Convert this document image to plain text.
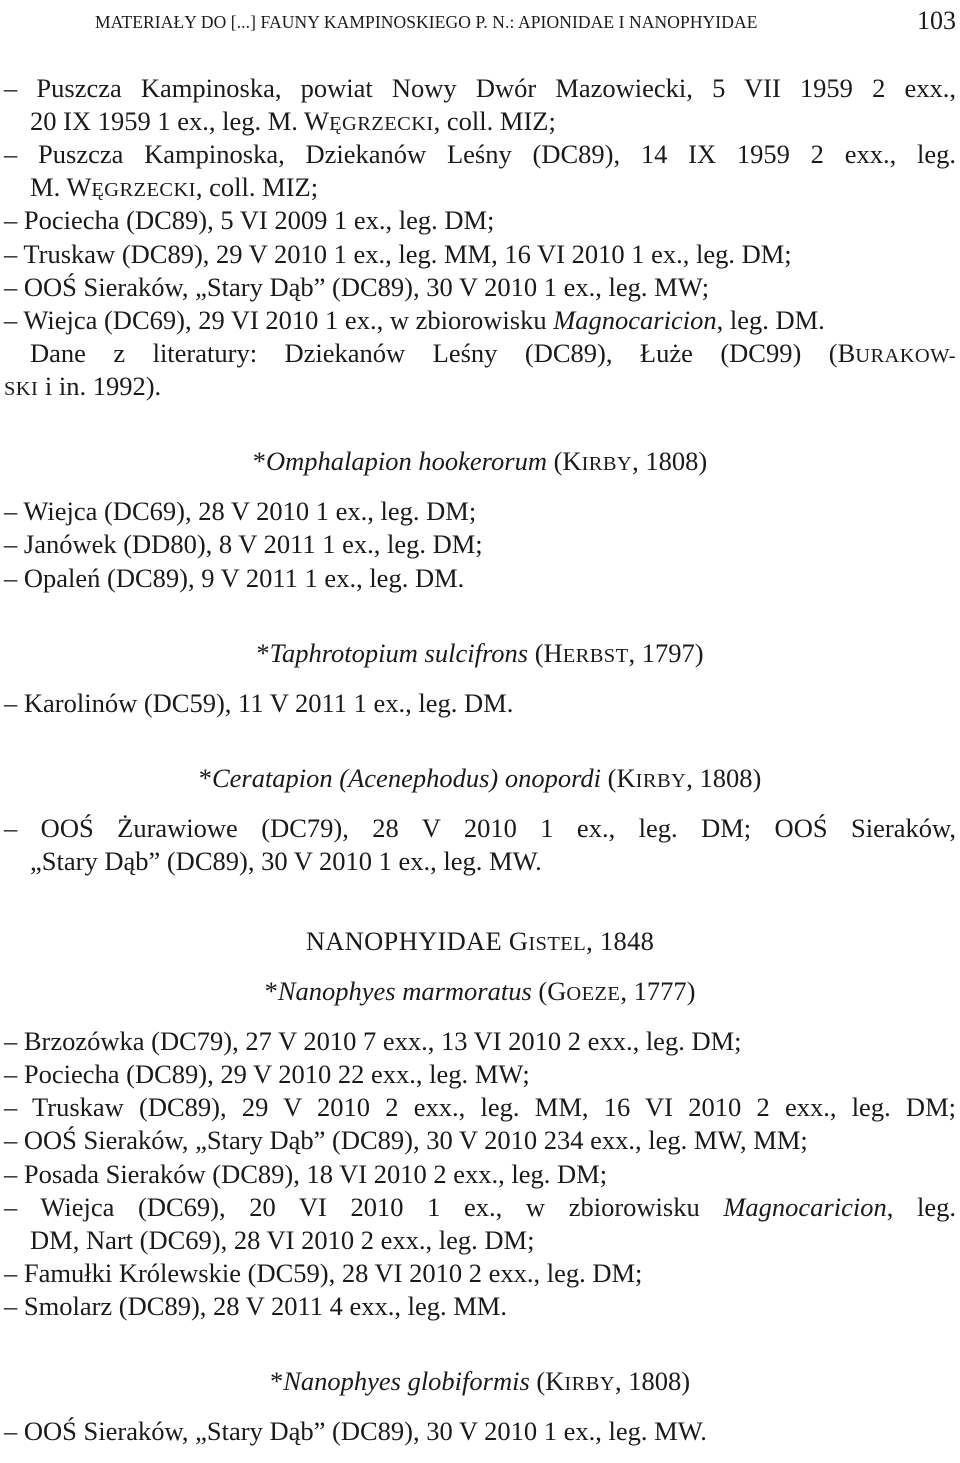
MATERIAŁY DO [...] FAUNY KAMPINOSKIEGO P. N.: APIONIDAE I NANOPHYIDAE	103
– Puszcza Kampinoska, powiat Nowy Dwór Mazowiecki, 5 VII 1959 2 exx.,
20 IX 1959 1 ex., leg. M. WĘGRZECKI, coll. MIZ;
– Puszcza Kampinoska, Dziekanów Leśny (DC89), 14 IX 1959 2 exx., leg.
M. WĘGRZECKI, coll. MIZ;
– Pociecha (DC89), 5 VI 2009 1 ex., leg. DM;
– Truskaw (DC89), 29 V 2010 1 ex., leg. MM, 16 VI 2010 1 ex., leg. DM;
– OOŚ Sieraków, „Stary Dąb” (DC89), 30 V 2010 1 ex., leg. MW;
– Wiejca (DC69), 29 VI 2010 1 ex., w zbiorowisku Magnocaricion, leg. DM.
Dane z literatury: Dziekanów Leśny (DC89), Łuże (DC99) (BURAKOW-
SKI i in. 1992).
*Omphalapion hookerorum (KIRBY, 1808)
– Wiejca (DC69), 28 V 2010 1 ex., leg. DM;
– Janówek (DD80), 8 V 2011 1 ex., leg. DM;
– Opaleń (DC89), 9 V 2011 1 ex., leg. DM.
*Taphrotopium sulcifrons (HERBST, 1797)
– Karolinów (DC59), 11 V 2011 1 ex., leg. DM.
*Ceratapion (Acenephodus) onopordi (KIRBY, 1808)
– OOŚ Żurawiowe (DC79), 28 V 2010 1 ex., leg. DM; OOŚ Sieraków,
„Stary Dąb” (DC89), 30 V 2010 1 ex., leg. MW.
NANOPHYIDAE GISTEL, 1848
*Nanophyes marmoratus (GOEZE, 1777)
– Brzozówka (DC79), 27 V 2010 7 exx., 13 VI 2010 2 exx., leg. DM;
– Pociecha (DC89), 29 V 2010 22 exx., leg. MW;
– Truskaw (DC89), 29 V 2010 2 exx., leg. MM, 16 VI 2010 2 exx., leg. DM;
– OOŚ Sieraków, „Stary Dąb” (DC89), 30 V 2010 234 exx., leg. MW, MM;
– Posada Sieraków (DC89), 18 VI 2010 2 exx., leg. DM;
– Wiejca (DC69), 20 VI 2010 1 ex., w zbiorowisku Magnocaricion, leg.
DM, Nart (DC69), 28 VI 2010 2 exx., leg. DM;
– Famułki Królewskie (DC59), 28 VI 2010 2 exx., leg. DM;
– Smolarz (DC89), 28 V 2011 4 exx., leg. MM.
*Nanophyes globiformis (KIRBY, 1808)
– OOŚ Sieraków, „Stary Dąb” (DC89), 30 V 2010 1 ex., leg. MW.
